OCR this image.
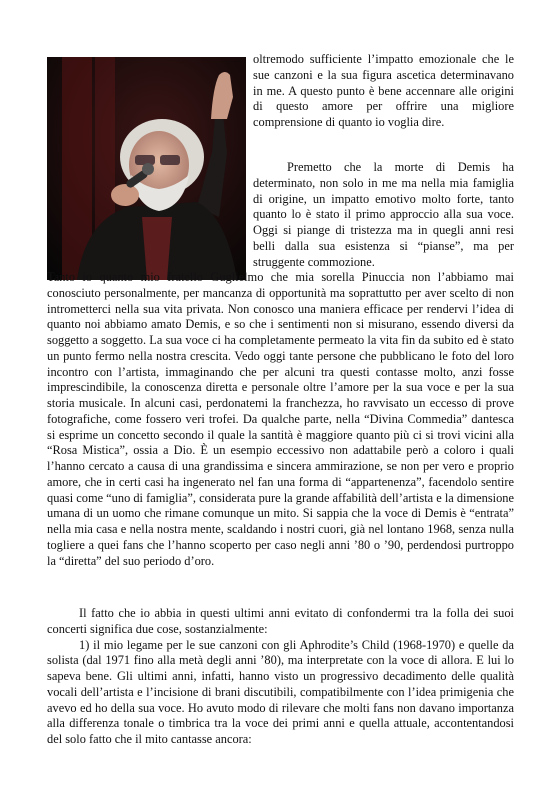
oltremodo sufficiente l’impatto emozionale che le sue canzoni e la sua figura ascetica determinavano in me. A questo punto è bene accennare alle origini di questo amore per offrire una migliore comprensione di quanto io voglia dire.

Premetto che la morte di Demis ha determinato, non solo in me ma nella mia famiglia di origine, un impatto emotivo molto forte, tanto quanto lo è stato il primo approccio alla sua voce. Oggi si piange di tristezza ma in quegli anni resi belli dalla sua esistenza si “pianse”, ma per struggente commozione.

Tanto io quanto mio fratello Guglielmo che mia sorella Pinuccia non l’abbiamo mai conosciuto personalmente, per mancanza di opportunità ma soprattutto per aver scelto di non intrometterci nella sua vita privata. Non conosco una maniera efficace per rendervi l’idea di quanto noi abbiamo amato Demis, e so che i sentimenti non si misurano, essendo diversi da soggetto a soggetto. La sua voce ci ha completamente permeato la vita fin da subito ed è stato un punto fermo nella nostra crescita. Vedo oggi tante persone che pubblicano le foto del loro incontro con l’artista, immaginando che per alcuni tra questi contasse molto, anzi fosse imprescindibile, la conoscenza diretta e personale oltre l’amore per la sua voce e per la sua storia musicale. In alcuni casi, perdonatemi la franchezza, ho ravvisato un eccesso di prove fotografiche, come fossero veri trofei. Da qualche parte, nella “Divina Commedia” dantesca si esprime un concetto secondo il quale la santità è maggiore quanto più ci si trovi vicini alla “Rosa Mistica”, ossia a Dio. È un esempio eccessivo non adattabile però a coloro i quali l’hanno cercato a causa di una grandissima e sincera ammirazione, se non per vero e proprio amore, che in certi casi ha ingenerato nel fan una forma di “appartenenza”, facendolo sentire quasi come “uno di famiglia”, considerata pure la grande affabilità dell’artista e la dimensione umana di un uomo che rimane comunque un mito. Si sappia che la voce di Demis è “entrata” nella mia casa e nella nostra mente, scaldando i nostri cuori, già nel lontano 1968, senza nulla togliere a quei fans che l’hanno scoperto per caso negli anni ’80 o ’90, perdendosi purtroppo la “diretta” del suo periodo d’oro.

Il fatto che io abbia in questi ultimi anni evitato di confondermi tra la folla dei suoi concerti significa due cose, sostanzialmente:

1) il mio legame per le sue canzoni con gli Aphrodite’s Child (1968-1970) e quelle da solista (dal 1971 fino alla metà degli anni ’80), ma interpretate con la voce di allora. E lui lo sapeva bene. Gli ultimi anni, infatti, hanno visto un progressivo decadimento delle qualità vocali dell’artista e l’incisione di brani discutibili, compatibilmente con l’idea primigenia che avevo ed ho della sua voce. Ho avuto modo di rilevare che molti fans non davano importanza alla differenza tonale o timbrica tra la voce dei primi anni e quella attuale, accontentandosi del solo fatto che il mito cantasse ancora:
